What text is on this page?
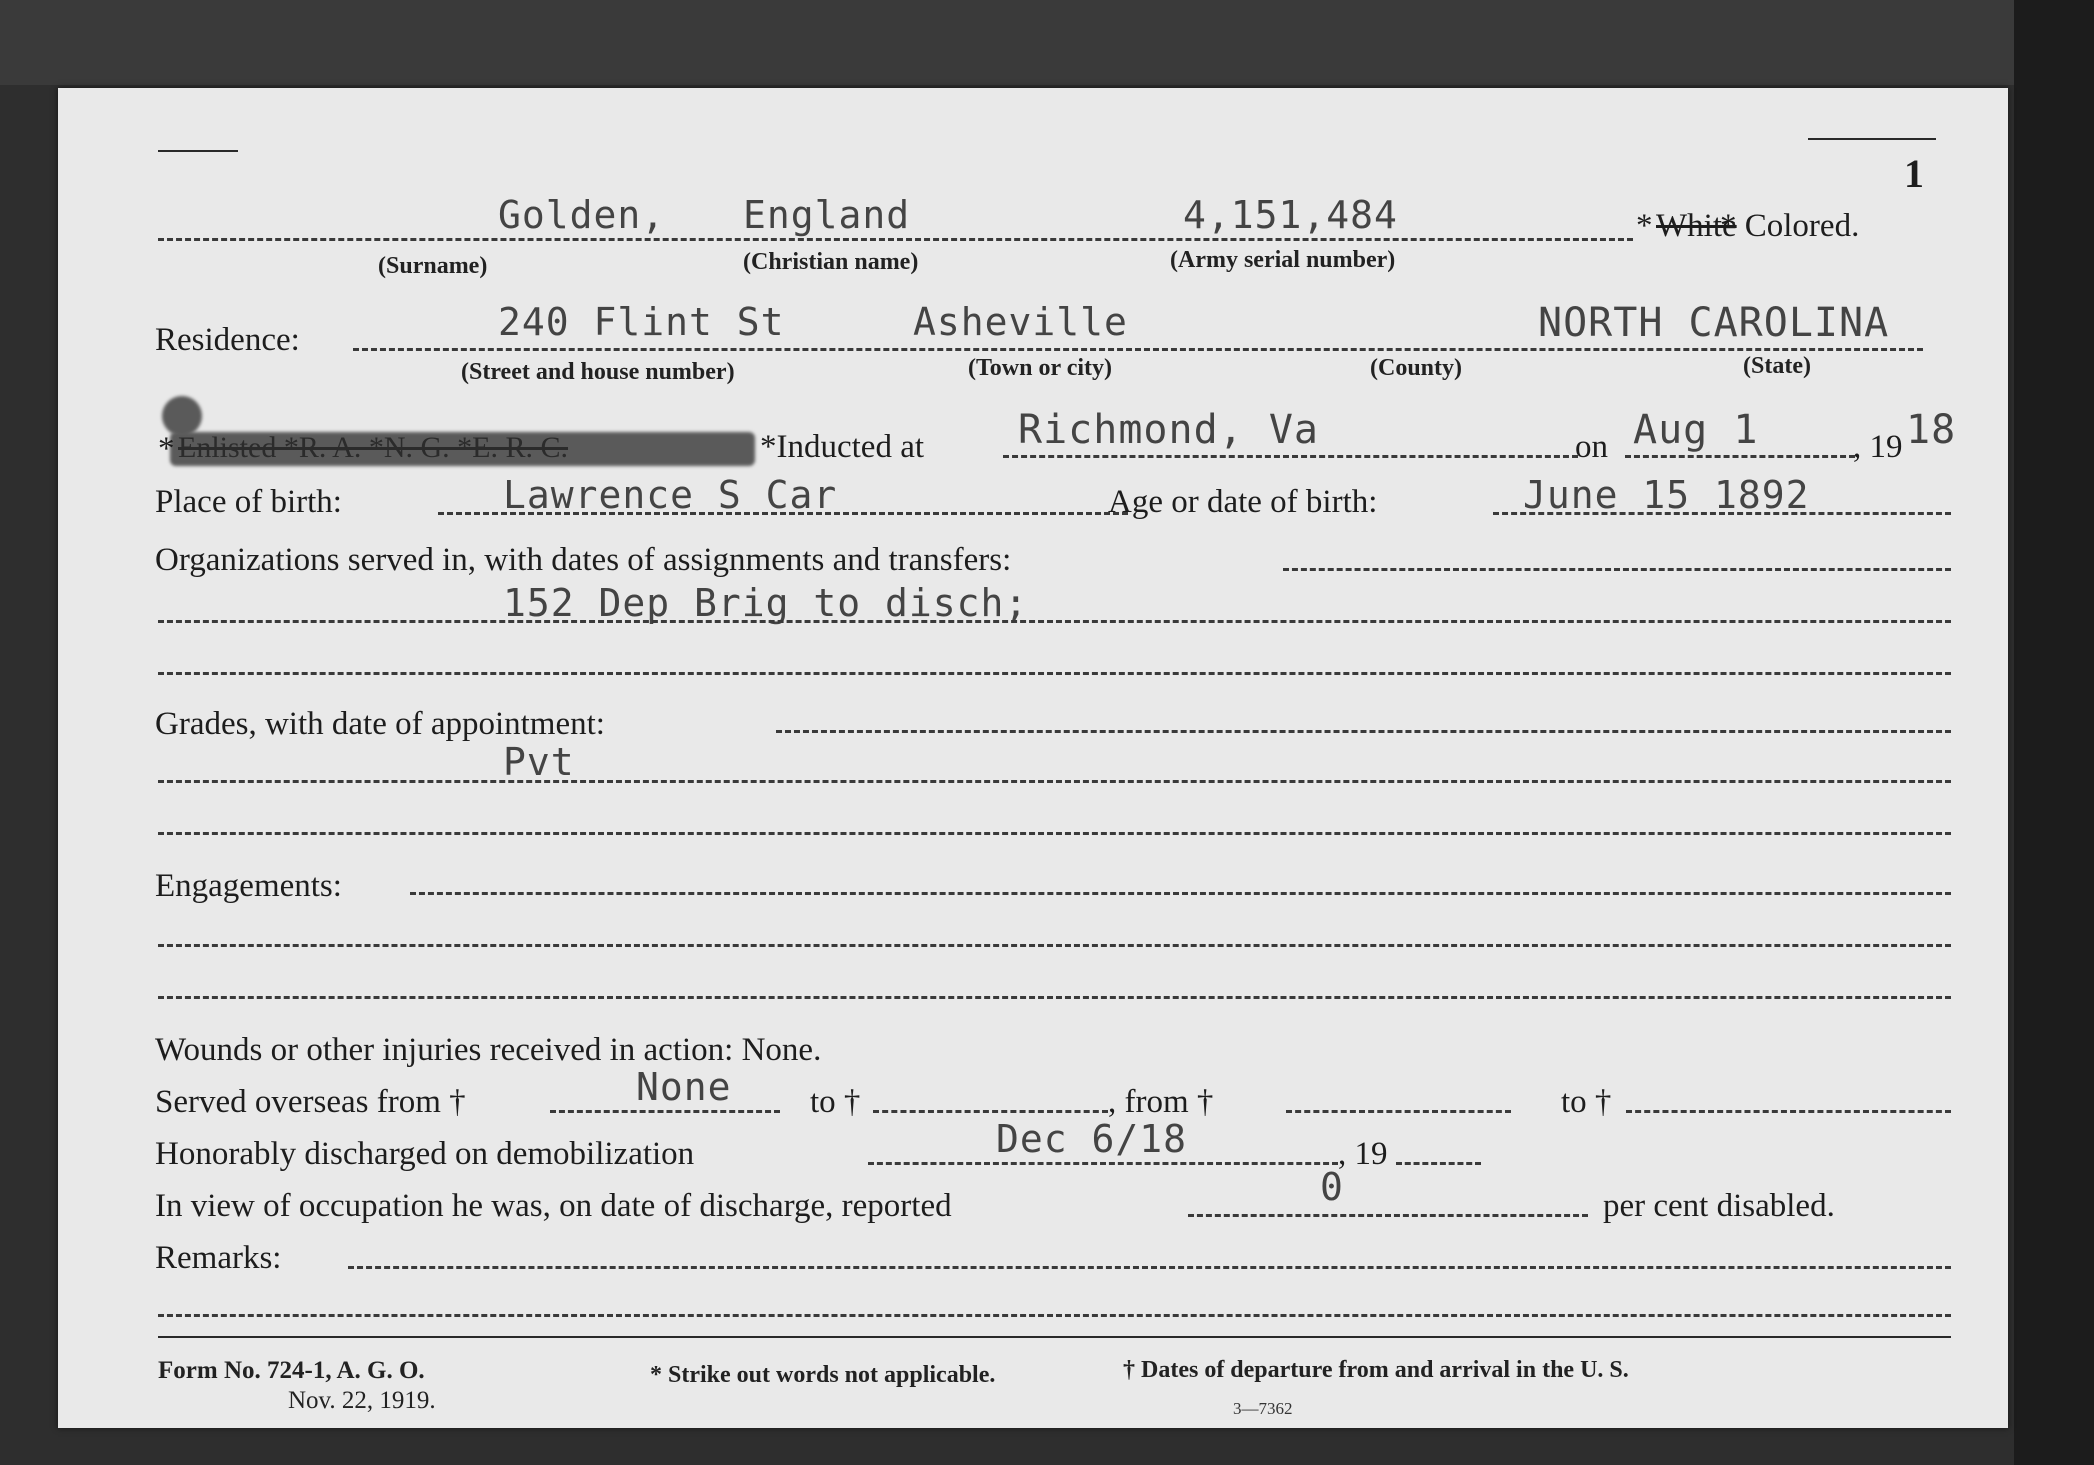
1
Golden, England	4,151,484	* White
* Colored.
(Surname)	(Christian name)	(Army serial number)
Residence:	240 Flint St	Asheville	NORTH CAROLINA
(Street and house number)	(Town or city)	(County)	(State)
* Enlisted *R. A. *N. G. *E. R. C.	*Inducted at Richmond, Va	on Aug 1	, 19 18
Place of birth:	Lawrence S Car	Age or date of birth:	June 15 1892
Organizations served in, with dates of assignments and transfers:
152 Dep Brig to disch;
Grades, with date of appointment:
Pvt
Engagements:
Wounds or other injuries received in action: None.
Served overseas from †	None to †	, from †	to †
Honorably discharged on demobilization	Dec 6/18	, 19
In view of occupation he was, on date of discharge, reported	0	per cent disabled.
Remarks:
Form No. 724-1, A. G. O.
Nov. 22, 1919.
* Strike out words not applicable.	† Dates of departure from and arrival in the U. S.
3—7362
